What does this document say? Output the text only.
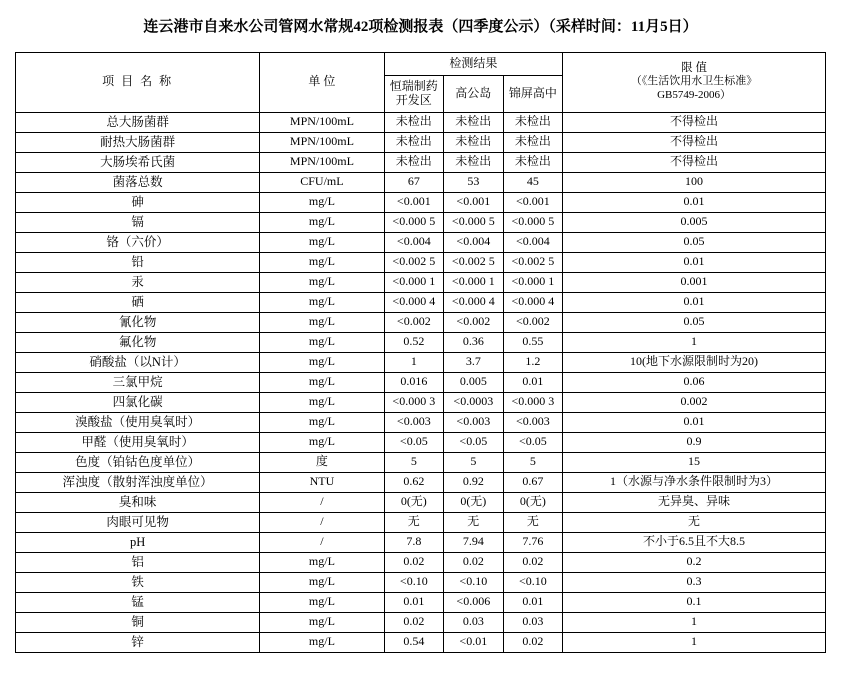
连云港市自来水公司管网水常规42项检测报表（四季度公示）（采样时间：11月5日）
项 目 名 称	单 位	检测结果			限 值
（《生活饮用水卫生标准》
GB5749-2006）

		恒瑞制药开发区	高公岛	锦屏高中	
总大肠菌群	MPN/100mL	未检出	未检出	未检出	不得检出
耐热大肠菌群	MPN/100mL	未检出	未检出	未检出	不得检出
大肠埃希氏菌	MPN/100mL	未检出	未检出	未检出	不得检出
菌落总数	CFU/mL	67	53	45	100
砷	mg/L	<0.001	<0.001	<0.001	0.01
镉	mg/L	<0.000 5	<0.000 5	<0.000 5	0.005
铬（六价）	mg/L	<0.004	<0.004	<0.004	0.05
铅	mg/L	<0.002 5	<0.002 5	<0.002 5	0.01
汞	mg/L	<0.000 1	<0.000 1	<0.000 1	0.001
硒	mg/L	<0.000 4	<0.000 4	<0.000 4	0.01
氰化物	mg/L	<0.002	<0.002	<0.002	0.05
氟化物	mg/L	0.52	0.36	0.55	1
硝酸盐（以N计）	mg/L	1	3.7	1.2	10(地下水源限制时为20)
三氯甲烷	mg/L	0.016	0.005	0.01	0.06
四氯化碳	mg/L	<0.000 3	<0.0003	<0.000 3	0.002
溴酸盐（使用臭氧时）	mg/L	<0.003	<0.003	<0.003	0.01
甲醛（使用臭氧时）	mg/L	<0.05	<0.05	<0.05	0.9
色度（铂钴色度单位）	度	5	5	5	15
浑浊度（散射浑浊度单位）	NTU	0.62	0.92	0.67	1（水源与净水条件限制时为3）
臭和味	/	0(无)	0(无)	0(无)	无异臭、异味
肉眼可见物	/	无	无	无	无
pH	/	7.8	7.94	7.76	不小于6.5且不大8.5
铝	mg/L	0.02	0.02	0.02	0.2
铁	mg/L	<0.10	<0.10	<0.10	0.3
锰	mg/L	0.01	<0.006	0.01	0.1
铜	mg/L	0.02	0.03	0.03	1
锌	mg/L	0.54	<0.01	0.02	1
